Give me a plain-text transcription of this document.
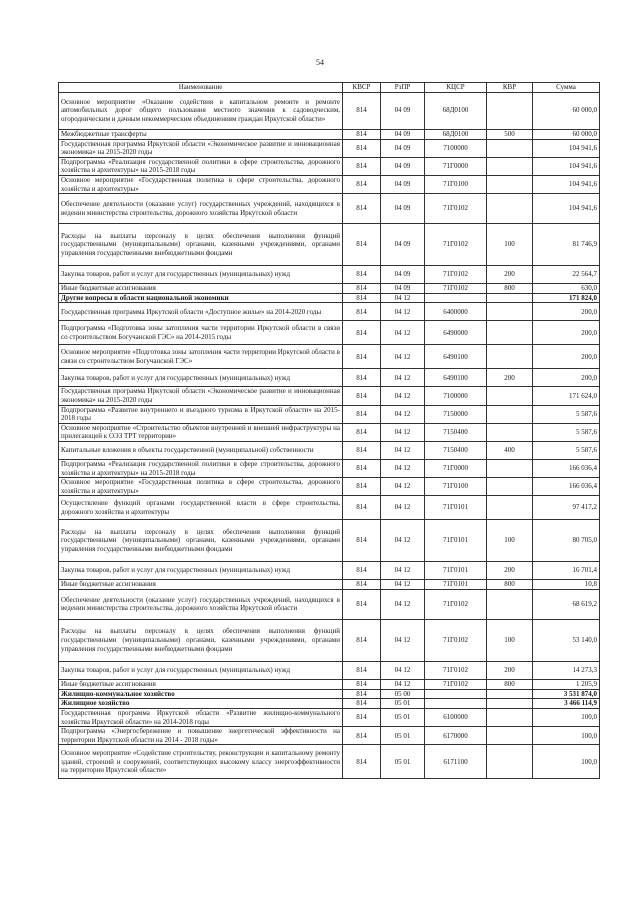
54
Наименование	КВСР	РзПР	КЦСР	КВР	Сумма
Основное мероприятие «Оказание содействия в капитальном ремонте и ремонте автомобильных дорог общего пользования местного значения к садоводческим, огородническим и дачным некоммерческим объединениям граждан Иркутской области»	814	04 09	68Д0100		60 000,0
Межбюджетные трансферты	814	04 09	68Д0100	500	60 000,0
Государственная программа Иркутской области «Экономическое развитие и инновационная экономика» на 2015-2020 годы	814	04 09	7100000		104 941,6
Подпрограмма «Реализация государственной политики в сфере строительства, дорожного хозяйства и архитектуры» на 2015-2018 годы	814	04 09	71Г0000		104 941,6
Основное мероприятие «Государственная политика в сфере строительства, дорожного хозяйства и архитектуры»	814	04 09	71Г0100		104 941,6
Обеспечение деятельности (оказание услуг) государственных учреждений, находящихся в ведении министерства строительства, дорожного хозяйства Иркутской области	814	04 09	71Г0102		104 941,6
Расходы на выплаты персоналу в целях обеспечения выполнения функций государственными (муниципальными) органами, казенными учреждениями, органами управления государственными внебюджетными фондами	814	04 09	71Г0102	100	81 746,9
Закупка товаров, работ и услуг для государственных (муниципальных) нужд	814	04 09	71Г0102	200	22 564,7
Иные бюджетные ассигнования	814	04 09	71Г0102	800	630,0
Другие вопросы в области национальной экономики	814	04 12			171 824,0
Государственная программа Иркутской области «Доступное жилье» на 2014-2020 годы	814	04 12	6400000		200,0
Подпрограмма «Подготовка зоны затопления части территории Иркутской области в связи со строительством Богучанской ГЭС» на 2014-2015 годы	814	04 12	6490000		200,0
Основное мероприятие «Подготовка зоны затопления части территории Иркутской области в связи со строительством Богучанской ГЭС»	814	04 12	6490100		200,0
Закупка товаров, работ и услуг для государственных (муниципальных) нужд	814	04 12	6490100	200	200,0
Государственная программа Иркутской области «Экономическое развитие и инновационная экономика» на 2015-2020 годы	814	04 12	7100000		171 624,0
Подпрограмма «Развитие внутреннего и въездного туризма в Иркутской области» на 2015-2018 годы	814	04 12	7150000		5 587,6
Основное мероприятие «Строительство объектов внутренней и внешней инфраструктуры на прилегающей к ОЭЗ ТРТ территории»	814	04 12	7150400		5 587,6
Капитальные вложения в объекты государственной (муниципальной) собственности	814	04 12	7150400	400	5 587,6
Подпрограмма «Реализация государственной политики в сфере строительства, дорожного хозяйства и архитектуры» на 2015-2018 годы	814	04 12	71Г0000		166 036,4
Основное мероприятие «Государственная политика в сфере строительства, дорожного хозяйства и архитектуры»	814	04 12	71Г0100		166 036,4
Осуществление функций органами государственной власти в сфере строительства, дорожного хозяйства и архитектуры	814	04 12	71Г0101		97 417,2
Расходы на выплаты персоналу в целях обеспечения выполнения функций государственными (муниципальными) органами, казенными учреждениями, органами управления государственными внебюджетными фондами	814	04 12	71Г0101	100	80 705,0
Закупка товаров, работ и услуг для государственных (муниципальных) нужд	814	04 12	71Г0101	200	16 701,4
Иные бюджетные ассигнования	814	04 12	71Г0101	800	10,8
Обеспечение деятельности (оказание услуг) государственных учреждений, находящихся в ведении министерства строительства, дорожного хозяйства Иркутской области	814	04 12	71Г0102		68 619,2
Расходы на выплаты персоналу в целях обеспечения выполнения функций государственными (муниципальными) органами, казенными учреждениями, органами управления государственными внебюджетными фондами	814	04 12	71Г0102	100	53 140,0
Закупка товаров, работ и услуг для государственных (муниципальных) нужд	814	04 12	71Г0102	200	14 273,3
Иные бюджетные ассигнования	814	04 12	71Г0102	800	1 205,9
Жилищно-коммунальное хозяйство	814	05 00			3 531 874,0
Жилищное хозяйство	814	05 01			3 466 114,9
Государственная программа Иркутской области «Развитие жилищно-коммунального хозяйства Иркутской области» на 2014-2018 годы	814	05 01	6100000		100,0
Подпрограмма «Энергосбережение и повышение энергетической эффективности на территории Иркутской области на 2014 - 2018 годы»	814	05 01	6170000		100,0
Основное мероприятие «Содействие строительству, реконструкции и капитальному ремонту зданий, строений и сооружений, соответствующих высокому классу энергоэффективности на территории Иркутской области»	814	05 01	6171100		100,0
